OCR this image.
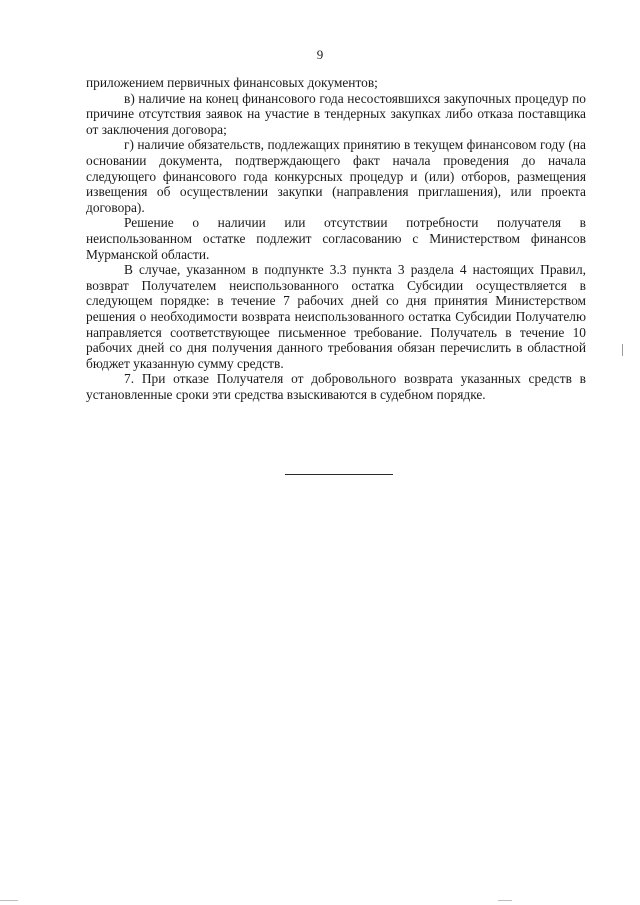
9

приложением первичных финансовых документов;

в) наличие на конец финансового года несостоявшихся закупочных процедур по причине отсутствия заявок на участие в тендерных закупках либо отказа поставщика от заключения договора;

г) наличие обязательств, подлежащих принятию в текущем финансовом году (на основании документа, подтверждающего факт начала проведения до начала следующего финансового года конкурсных процедур и (или) отборов, размещения извещения об осуществлении закупки (направления приглашения), или проекта договора).

Решение о наличии или отсутствии потребности получателя в неиспользованном остатке подлежит согласованию с Министерством финансов Мурманской области.

В случае, указанном в подпункте 3.3 пункта 3 раздела 4 настоящих Правил, возврат Получателем неиспользованного остатка Субсидии осуществляется в следующем порядке: в течение 7 рабочих дней со дня принятия Министерством решения о необходимости возврата неиспользованного остатка Субсидии Получателю направляется соответствующее письменное требование. Получатель в течение 10 рабочих дней со дня получения данного требования обязан перечислить в областной бюджет указанную сумму средств.

7. При отказе Получателя от добровольного возврата указанных средств в установленные сроки эти средства взыскиваются в судебном порядке.
